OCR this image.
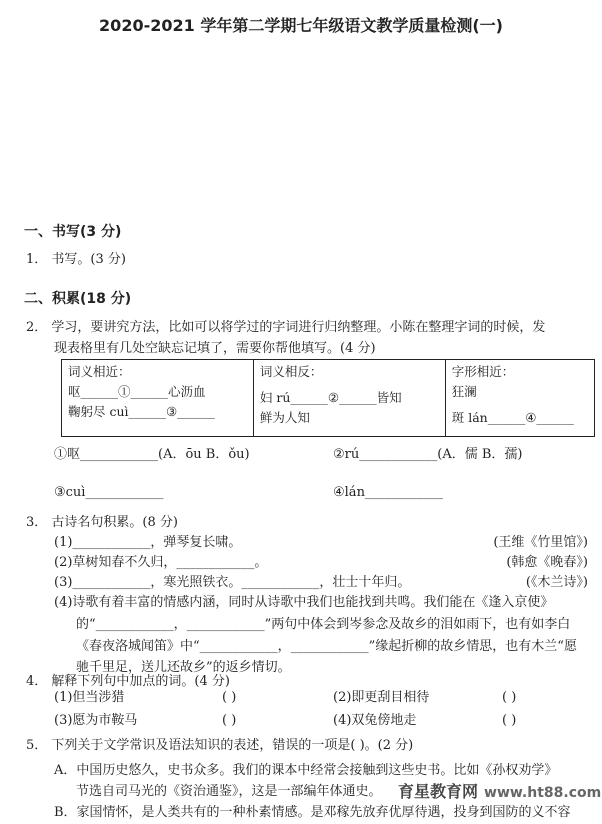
2020-2021 学年第二学期七年级语文教学质量检测(一)
一、书写(3 分)
1． 书写。(3 分)
二、积累(18 分)
2． 学习，要讲究方法，比如可以将学过的字词进行归纳整理。小陈在整理字词的时候，发
现表格里有几处空缺忘记填了，需要你帮他填写。(4 分)
词义相近：
呕______①______心沥血
鞠躬尽 cuì______③______

词义相反：
妇 rú______②______皆知
鲜为人知

字形相近：
狂澜
斑 lán______④______
①呕____________(A．ōu B．ǒu)	②rú____________(A．儒 B．孺)
③cuì____________	④lán____________
3． 古诗名句积累。(8 分)
(1)____________，弹琴复长啸。	(王维《竹里馆》)
(2)草树知春不久归，____________。	(韩愈《晚春》)
(3)____________，寒光照铁衣。____________，壮士十年归。	(《木兰诗》)
(4)诗歌有着丰富的情感内涵，同时从诗歌中我们也能找到共鸣。我们能在《逢入京使》
的“____________，____________”两句中体会到岑参念及故乡的泪如雨下，也有如李白
《春夜洛城闻笛》中“____________，____________”缘起折柳的故乡情思，也有木兰“愿
驰千里足，送儿还故乡”的返乡情切。
4． 解释下列句中加点的词。(4 分)
(1)但当涉猎	( )	(2)即更刮目相待	( )
(3)愿为市鞍马	( )	(4)双兔傍地走	( )
5． 下列关于文学常识及语法知识的表述，错误的一项是( )。(2 分)
A．中国历史悠久，史书众多。我们的课本中经常会接触到这些史书。比如《孙权劝学》
节选自司马光的《资治通鉴》，这是一部编年体通史。
B．家国情怀，是人类共有的一种朴素情感。是邓稼先放弃优厚待遇，投身到国防的义不容
育星教育网 www.ht88.com
